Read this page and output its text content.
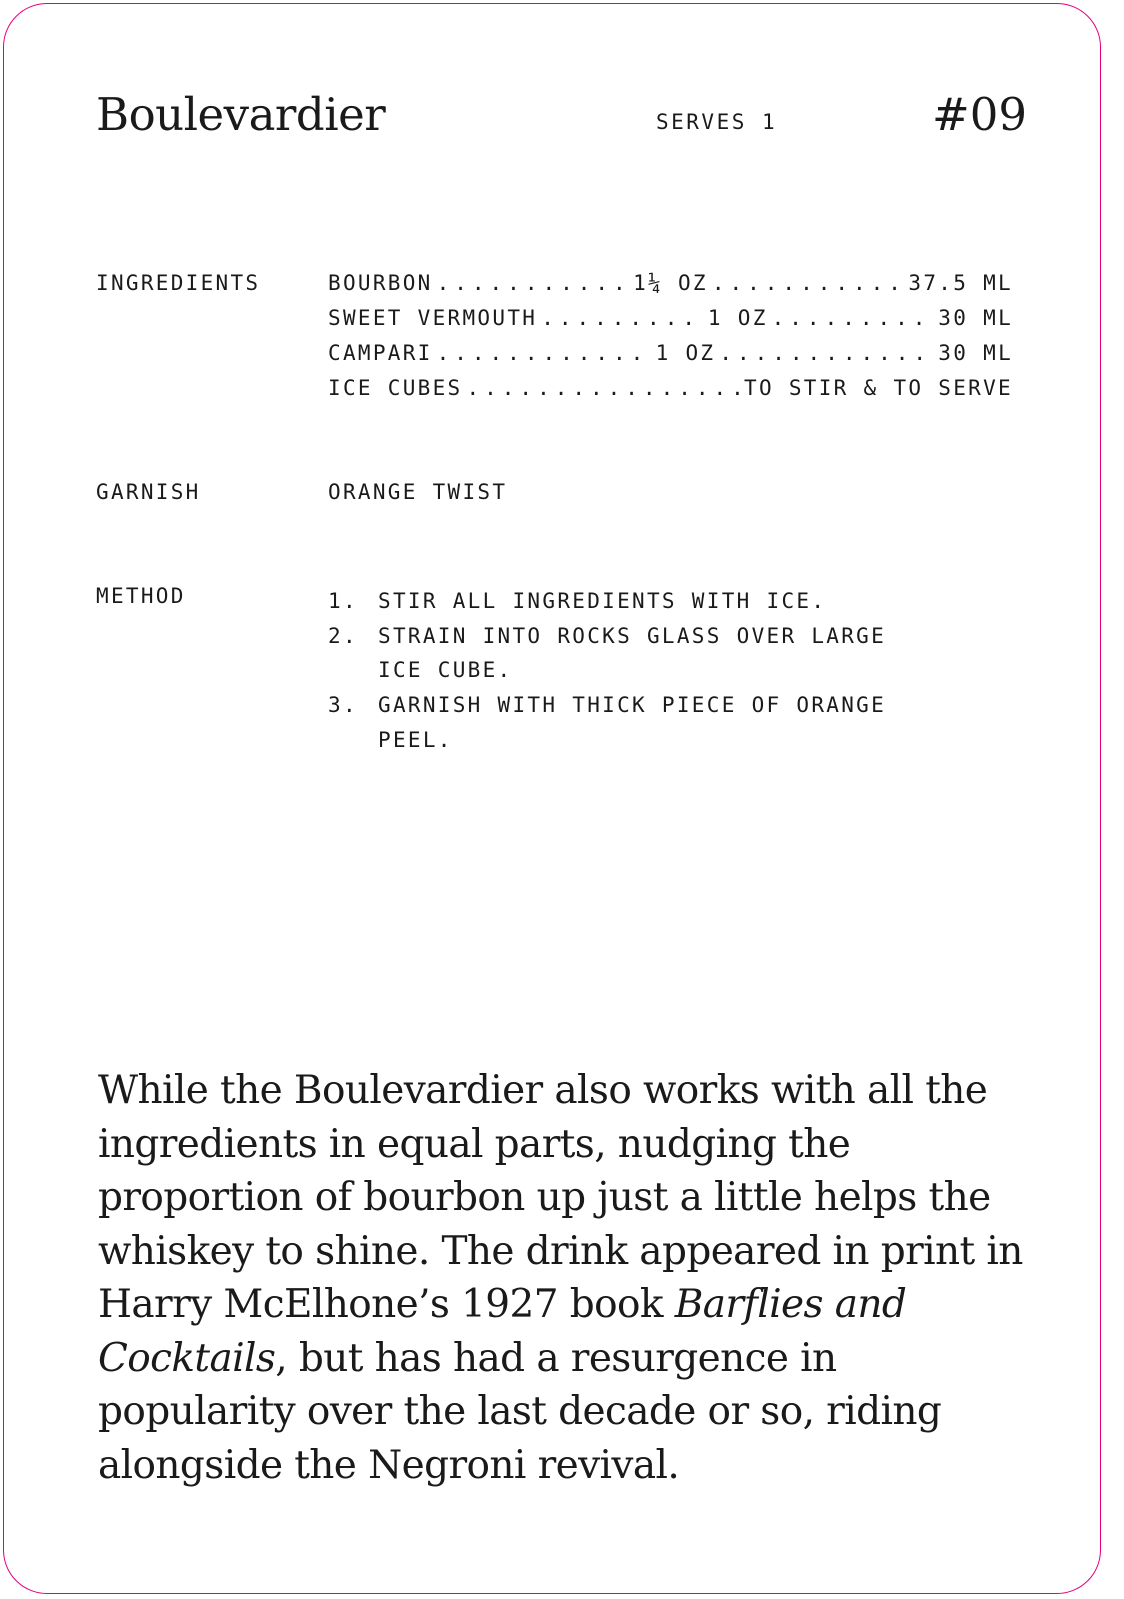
Boulevardier	SERVES 1	#09
INGREDIENTS	BOURBON .....	1¼ OZ .....	37.5 ML
SWEET VERMOUTH .....	1 OZ .....	30 ML
CAMPARI .....	1 OZ .....	30 ML
ICE CUBES .....	TO STIR & TO SERVE
GARNISH	ORANGE TWIST
METHOD	1. STIR ALL INGREDIENTS WITH ICE.
2. STRAIN INTO ROCKS GLASS OVER LARGE ICE CUBE.
3. GARNISH WITH THICK PIECE OF ORANGE PEEL.

While the Boulevardier also works with all the ingredients in equal parts, nudging the proportion of bourbon up just a little helps the whiskey to shine. The drink appeared in print in Harry McElhone’s 1927 book Barflies and Cocktails, but has had a resurgence in popularity over the last decade or so, riding alongside the Negroni revival.
